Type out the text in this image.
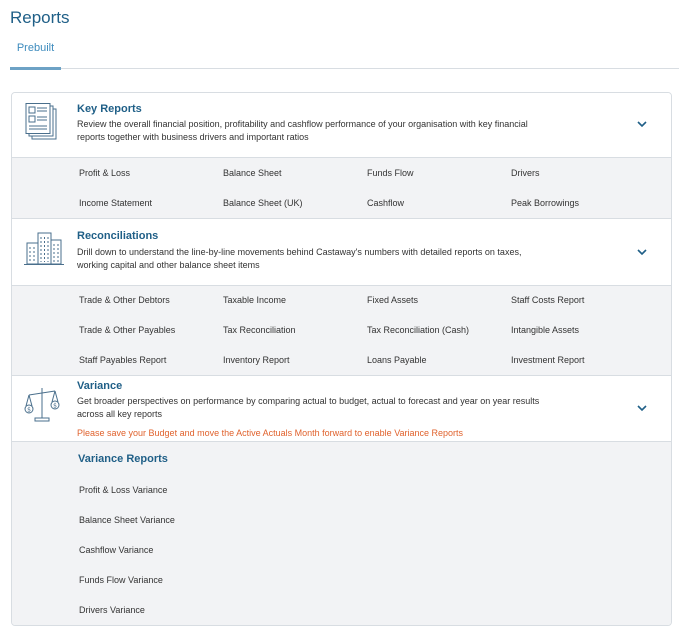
Reports
Prebuilt
Key Reports
Review the overall financial position, profitability and cashflow performance of your organisation with key financial reports together with business drivers and important ratios
Profit & Loss	Balance Sheet	Funds Flow	Drivers
Income Statement	Balance Sheet (UK)	Cashflow	Peak Borrowings
Reconciliations
Drill down to understand the line-by-line movements behind Castaway's numbers with detailed reports on taxes, working capital and other balance sheet items
Trade & Other Debtors	Taxable Income	Fixed Assets	Staff Costs Report
Trade & Other Payables	Tax Reconciliation	Tax Reconciliation (Cash)	Intangible Assets
Staff Payables Report	Inventory Report	Loans Payable	Investment Report
$
$
Variance
Get broader perspectives on performance by comparing actual to budget, actual to forecast and year on year results across all key reports
Please save your Budget and move the Active Actuals Month forward to enable Variance Reports
Variance Reports
Profit & Loss Variance
Balance Sheet Variance
Cashflow Variance
Funds Flow Variance
Drivers Variance
